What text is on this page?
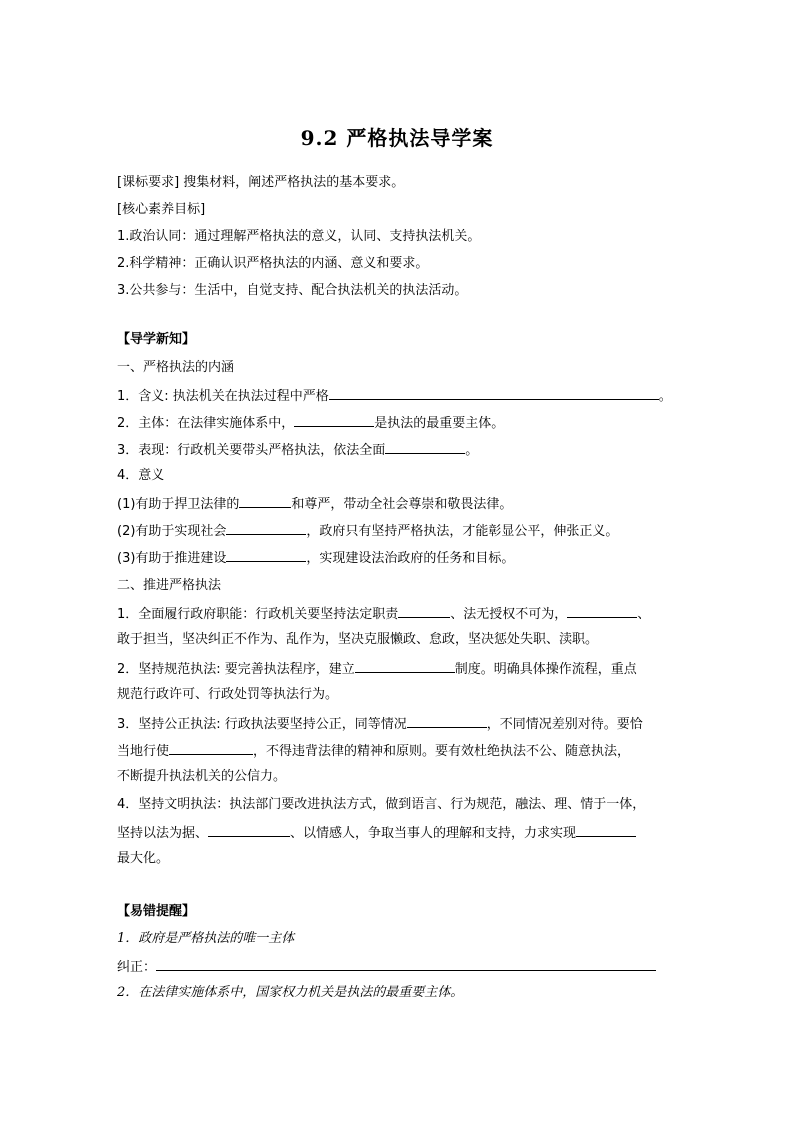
9.2 严格执法导学案
[课标要求] 搜集材料，阐述严格执法的基本要求。
[核心素养目标]
1.政治认同：通过理解严格执法的意义，认同、支持执法机关。
2.科学精神：正确认识严格执法的内涵、意义和要求。
3.公共参与：生活中，自觉支持、配合执法机关的执法活动。
【导学新知】
一、严格执法的内涵
1．含义: 执法机关在执法过程中严格	。
2．主体：在法律实施体系中，	是执法的最重要主体。
3．表现：行政机关要带头严格执法，依法全面	。
4．意义
(1)有助于捍卫法律的	和尊严，带动全社会尊崇和敬畏法律。
(2)有助于实现社会	，政府只有坚持严格执法，才能彰显公平，伸张正义。
(3)有助于推进建设	，实现建设法治政府的任务和目标。
二、推进严格执法
1．全面履行政府职能：行政机关要坚持法定职责	、法无授权不可为，	、
敢于担当，坚决纠正不作为、乱作为，坚决克服懒政、怠政，坚决惩处失职、渎职。
2．坚持规范执法: 要完善执法程序，建立	制度。明确具体操作流程，重点
规范行政许可、行政处罚等执法行为。
3．坚持公正执法: 行政执法要坚持公正，同等情况	，不同情况差别对待。要恰
当地行使	，不得违背法律的精神和原则。要有效杜绝执法不公、随意执法，
不断提升执法机关的公信力。
4．坚持文明执法：执法部门要改进执法方式，做到语言、行为规范，融法、理、情于一体，
坚持以法为据、	、以情感人，争取当事人的理解和支持，力求实现
最大化。
【易错提醒】
1．政府是严格执法的唯一主体
纠正：
2．在法律实施体系中，国家权力机关是执法的最重要主体。
